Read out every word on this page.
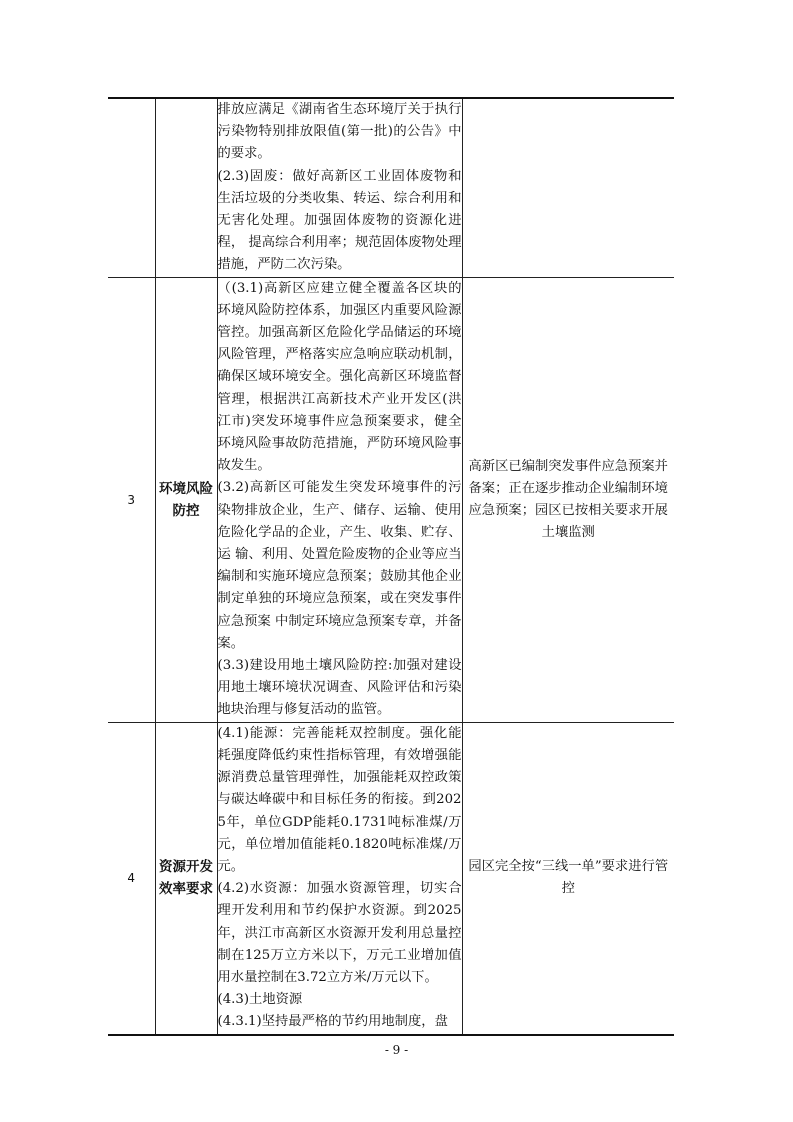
		排放应满足《湖南省生态环境厅关于执行污染物特别排放限值(第一批)的公告》中的要求。

(2.3)固废：做好高新区工业固体废物和生活垃圾的分类收集、转运、综合利用和无害化处理。加强固体废物的资源化进程， 提高综合利用率；规范固体废物处理措施，严防二次污染。	

3	环境风险防控	（(3.1)高新区应建立健全覆盖各区块的环境风险防控体系，加强区内重要风险源管控。加强高新区危险化学品储运的环境风险管理，严格落实应急响应联动机制，确保区域环境安全。强化高新区环境监督管理，根据洪江高新技术产业开发区(洪江市)突发环境事件应急预案要求，健全环境风险事故防范措施，严防环境风险事故发生。

(3.2)高新区可能发生突发环境事件的污染物排放企业，生产、储存、运输、使用危险化学品的企业，产生、收集、贮存、运 输、利用、处置危险废物的企业等应当编制和实施环境应急预案；鼓励其他企业制定单独的环境应急预案，或在突发事件应急预案 中制定环境应急预案专章，并备案。

(3.3)建设用地土壤风险防控:加强对建设用地土壤环境状况调查、风险评估和污染地块治理与修复活动的监管。	高新区已编制突发事件应急预案并备案；正在逐步推动企业编制环境应急预案；园区已按相关要求开展土壤监测
4	资源开发效率要求	(4.1)能源：完善能耗双控制度。强化能耗强度降低约束性指标管理，有效增强能源消费总量管理弹性，加强能耗双控政策与碳达峰碳中和目标任务的衔接。到2025年，单位GDP能耗0.1731吨标准煤/万元，单位增加值能耗0.1820吨标准煤/万元。

(4.2)水资源：加强水资源管理，切实合理开发利用和节约保护水资源。到2025年，洪江市高新区水资源开发利用总量控制在125万立方米以下，万元工业增加值用水量控制在3.72立方米/万元以下。

(4.3)土地资源

(4.3.1)坚持最严格的节约用地制度，盘	园区完全按“三线一单”要求进行管控
- 9 -
